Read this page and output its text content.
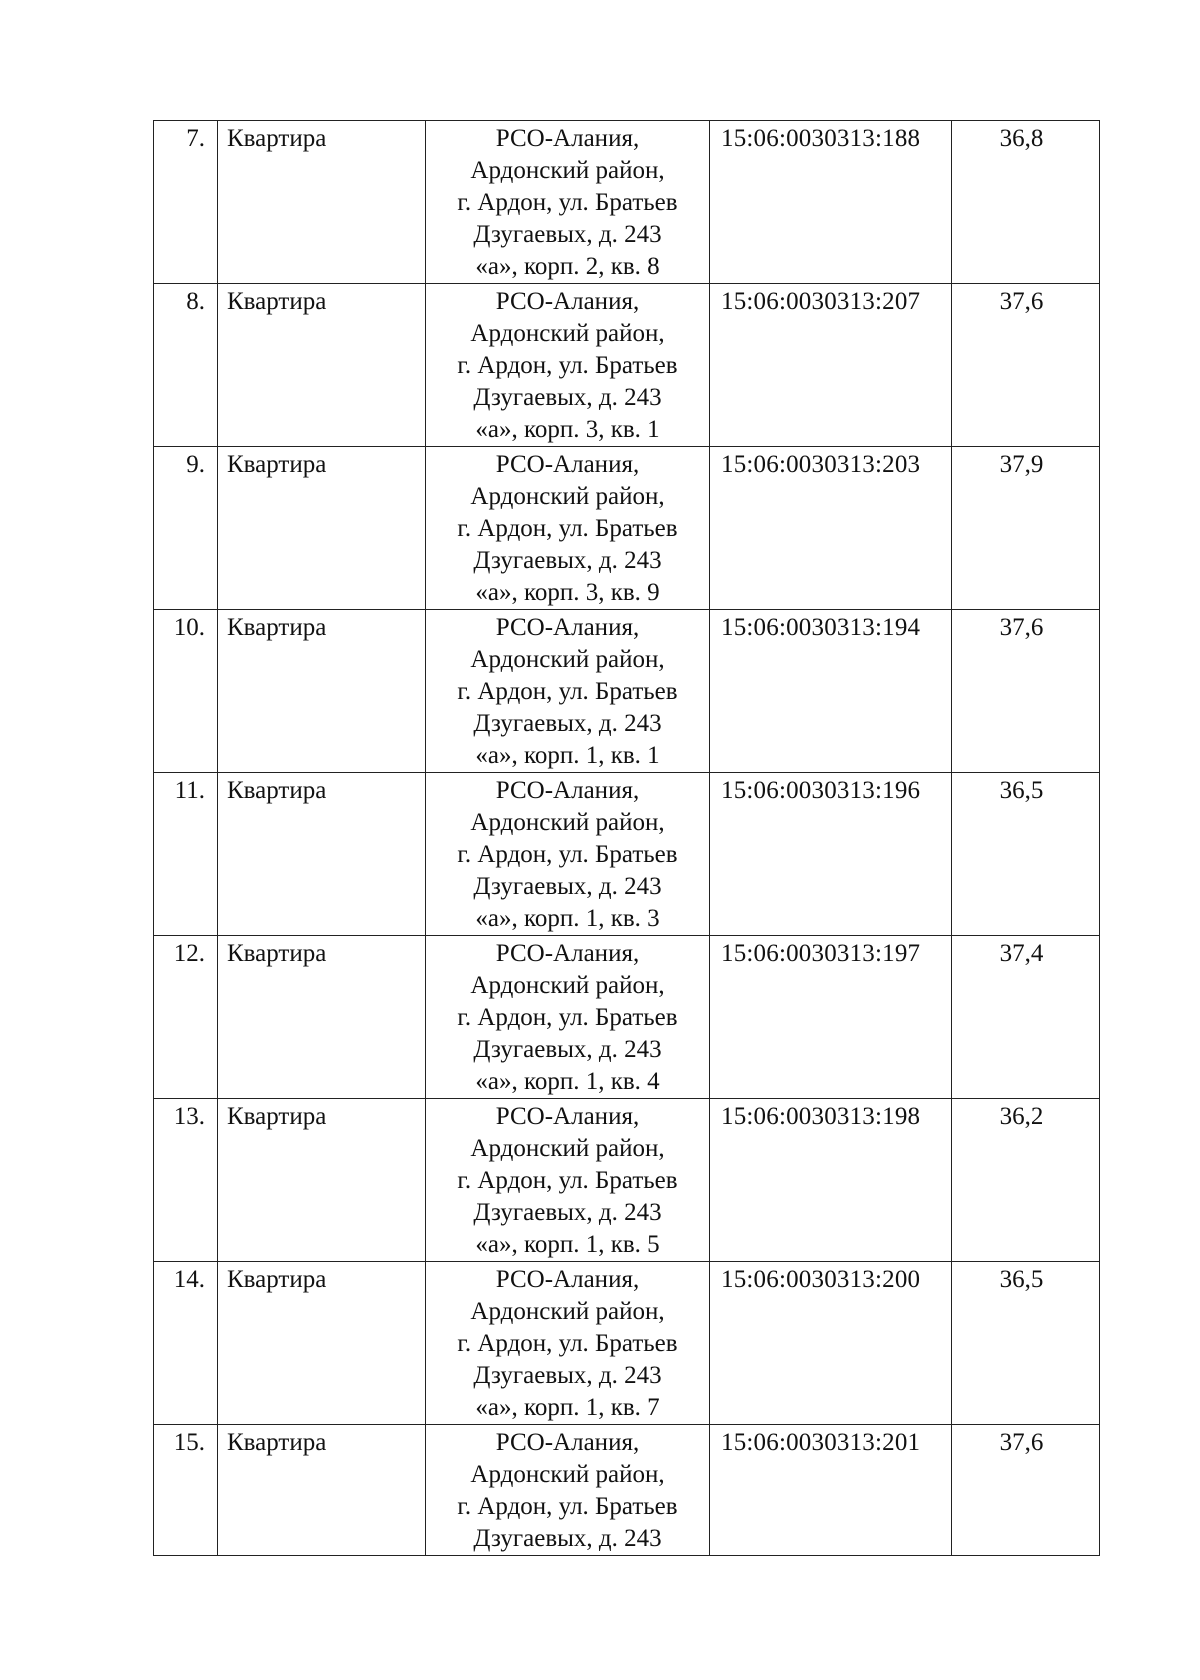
7.	Квартира	РСО-Алания,
Ардонский район,
г. Ардон, ул. Братьев
Дзугаевых, д. 243
«а», корп. 2, кв. 8	15:06:0030313:188	36,8
8.	Квартира	РСО-Алания,
Ардонский район,
г. Ардон, ул. Братьев
Дзугаевых, д. 243
«а», корп. 3, кв. 1	15:06:0030313:207	37,6
9.	Квартира	РСО-Алания,
Ардонский район,
г. Ардон, ул. Братьев
Дзугаевых, д. 243
«а», корп. 3, кв. 9	15:06:0030313:203	37,9
10.	Квартира	РСО-Алания,
Ардонский район,
г. Ардон, ул. Братьев
Дзугаевых, д. 243
«а», корп. 1, кв. 1	15:06:0030313:194	37,6
11.	Квартира	РСО-Алания,
Ардонский район,
г. Ардон, ул. Братьев
Дзугаевых, д. 243
«а», корп. 1, кв. 3	15:06:0030313:196	36,5
12.	Квартира	РСО-Алания,
Ардонский район,
г. Ардон, ул. Братьев
Дзугаевых, д. 243
«а», корп. 1, кв. 4	15:06:0030313:197	37,4
13.	Квартира	РСО-Алания,
Ардонский район,
г. Ардон, ул. Братьев
Дзугаевых, д. 243
«а», корп. 1, кв. 5	15:06:0030313:198	36,2
14.	Квартира	РСО-Алания,
Ардонский район,
г. Ардон, ул. Братьев
Дзугаевых, д. 243
«а», корп. 1, кв. 7	15:06:0030313:200	36,5
15.	Квартира	РСО-Алания,
Ардонский район,
г. Ардон, ул. Братьев
Дзугаевых, д. 243	15:06:0030313:201	37,6
